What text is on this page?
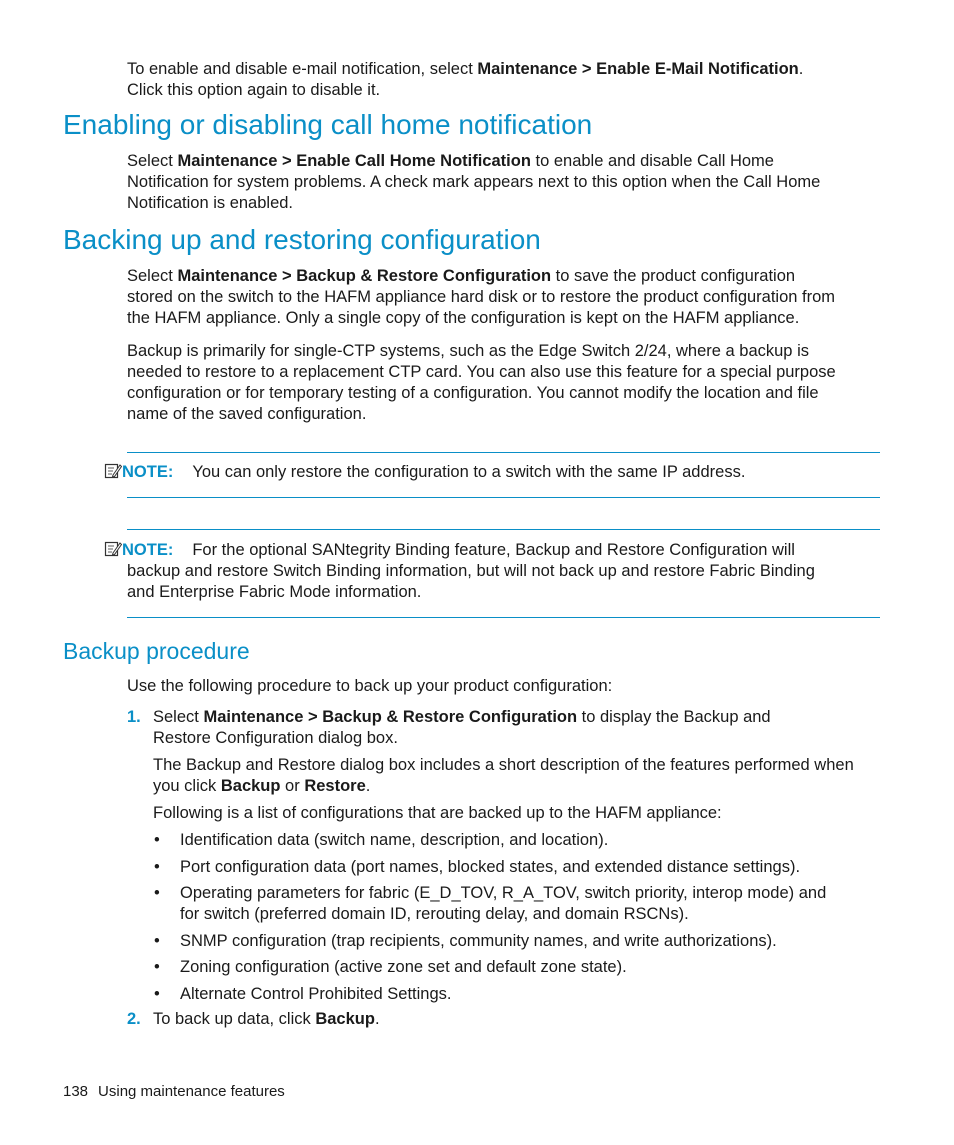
To enable and disable e-mail notification, select Maintenance > Enable E-Mail Notification.

Click this option again to disable it.

Enabling or disabling call home notification

Select Maintenance > Enable Call Home Notification to enable and disable Call Home

Notification for system problems. A check mark appears next to this option when the Call Home

Notification is enabled.

Backing up and restoring configuration

Select Maintenance > Backup & Restore Configuration to save the product configuration

stored on the switch to the HAFM appliance hard disk or to restore the product configuration from

the HAFM appliance. Only a single copy of the configuration is kept on the HAFM appliance.

Backup is primarily for single-CTP systems, such as the Edge Switch 2/24, where a backup is

needed to restore to a replacement CTP card. You can also use this feature for a special purpose

configuration or for temporary testing of a configuration. You cannot modify the location and file

name of the saved configuration.

NOTE: You can only restore the configuration to a switch with the same IP address.

NOTE: For the optional SANtegrity Binding feature, Backup and Restore Configuration will

backup and restore Switch Binding information, but will not back up and restore Fabric Binding

and Enterprise Fabric Mode information.

Backup procedure

Use the following procedure to back up your product configuration:

1. Select Maintenance > Backup & Restore Configuration to display the Backup and

Restore Configuration dialog box.

The Backup and Restore dialog box includes a short description of the features performed when

you click Backup or Restore.

Following is a list of configurations that are backed up to the HAFM appliance:

• Identification data (switch name, description, and location).
• Port configuration data (port names, blocked states, and extended distance settings).
• Operating parameters for fabric (E_D_TOV, R_A_TOV, switch priority, interop mode) and
for switch (preferred domain ID, rerouting delay, and domain RSCNs).
• SNMP configuration (trap recipients, community names, and write authorizations).
• Zoning configuration (active zone set and default zone state).
• Alternate Control Prohibited Settings.
2. To back up data, click Backup.

138 Using maintenance features
